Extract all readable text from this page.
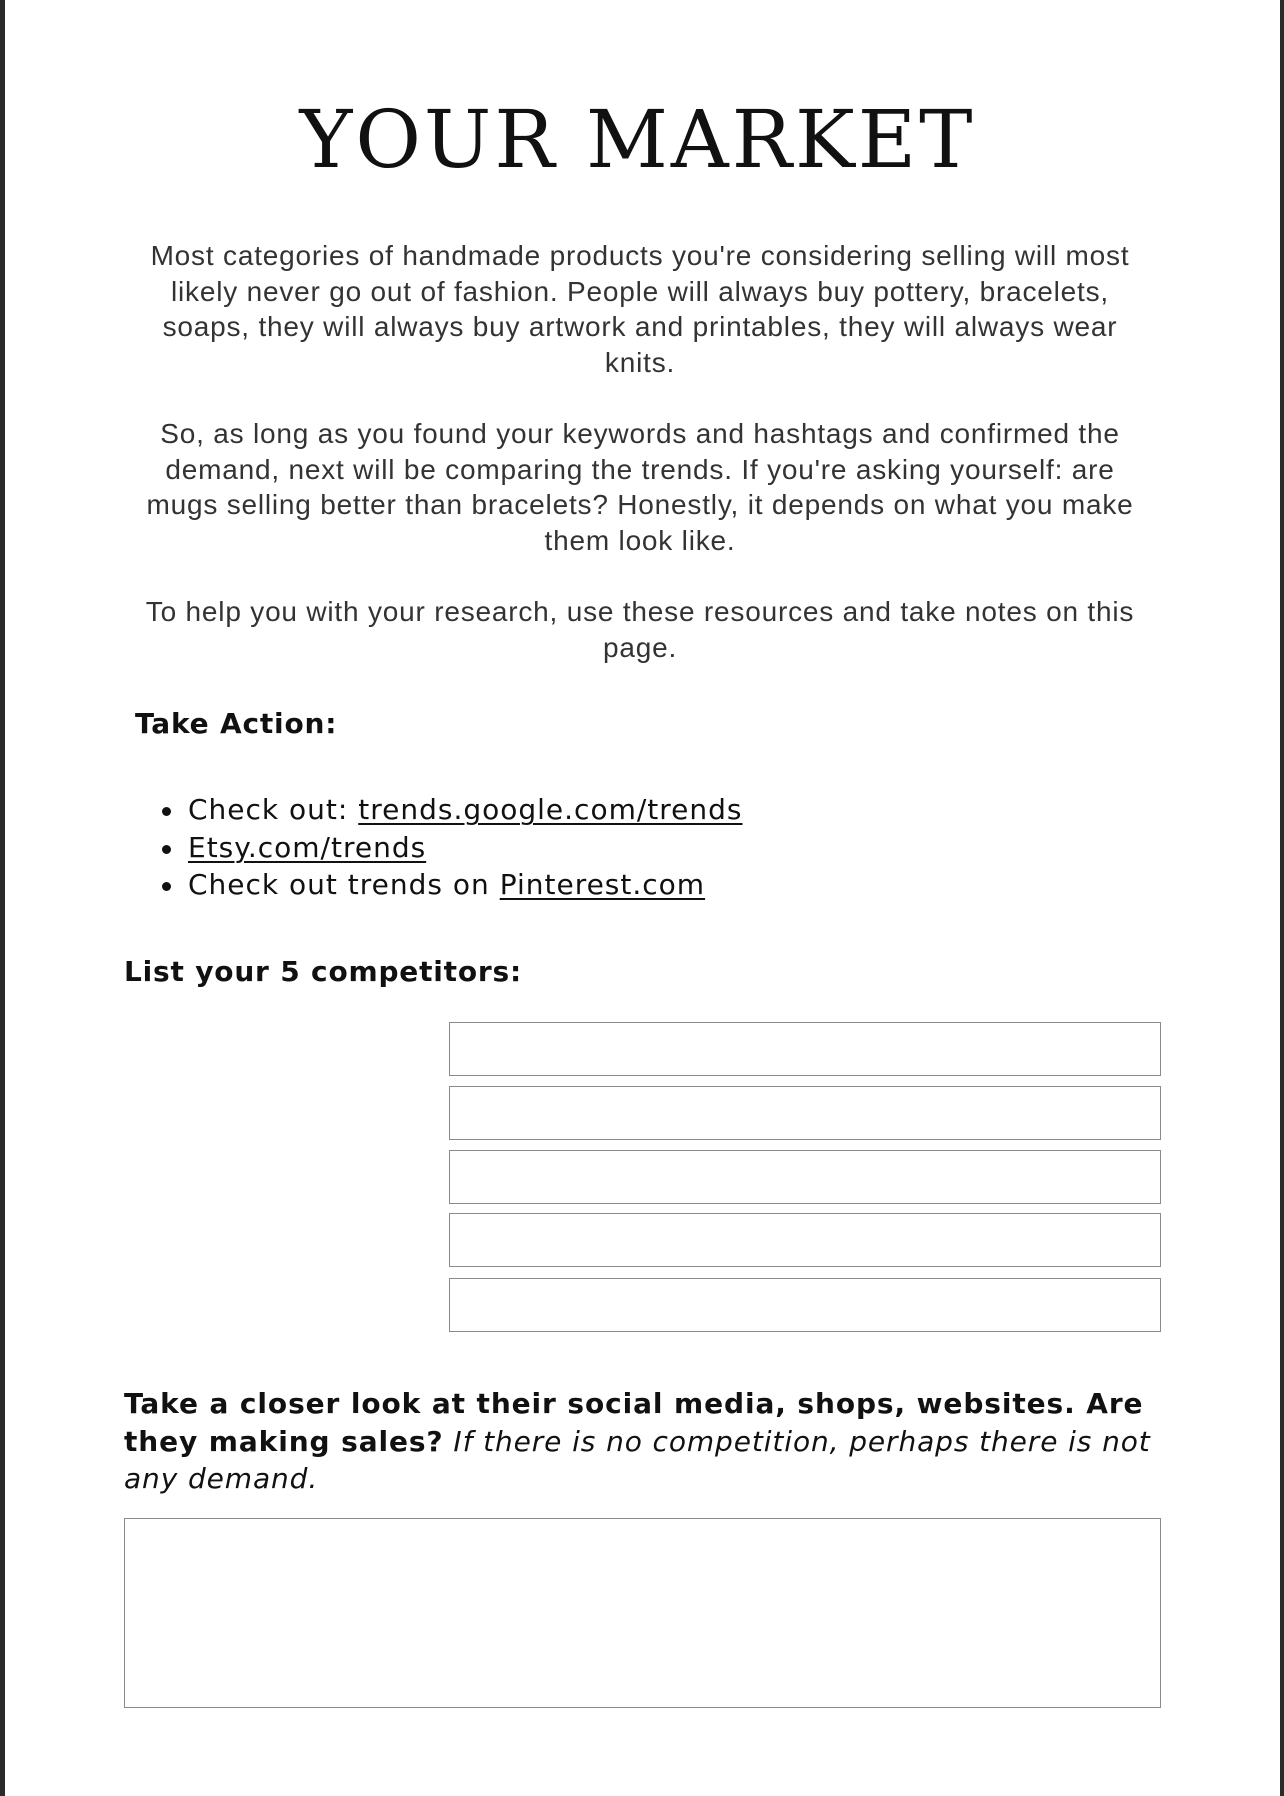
YOUR MARKET

Most categories of handmade products you're considering selling will most likely never go out of fashion. People will always buy pottery, bracelets, soaps, they will always buy artwork and printables, they will always wear knits.

So, as long as you found your keywords and hashtags and confirmed the demand, next will be comparing the trends. If you're asking yourself: are mugs selling better than bracelets? Honestly, it depends on what you make them look like.

To help you with your research, use these resources and take notes on this page.

Take Action:
Check out: trends.google.com/trends
Etsy.com/trends
Check out trends on Pinterest.com
List your 5 competitors:

Take a closer look at their social media, shops, websites. Are they making sales? If there is no competition, perhaps there is not any demand.
